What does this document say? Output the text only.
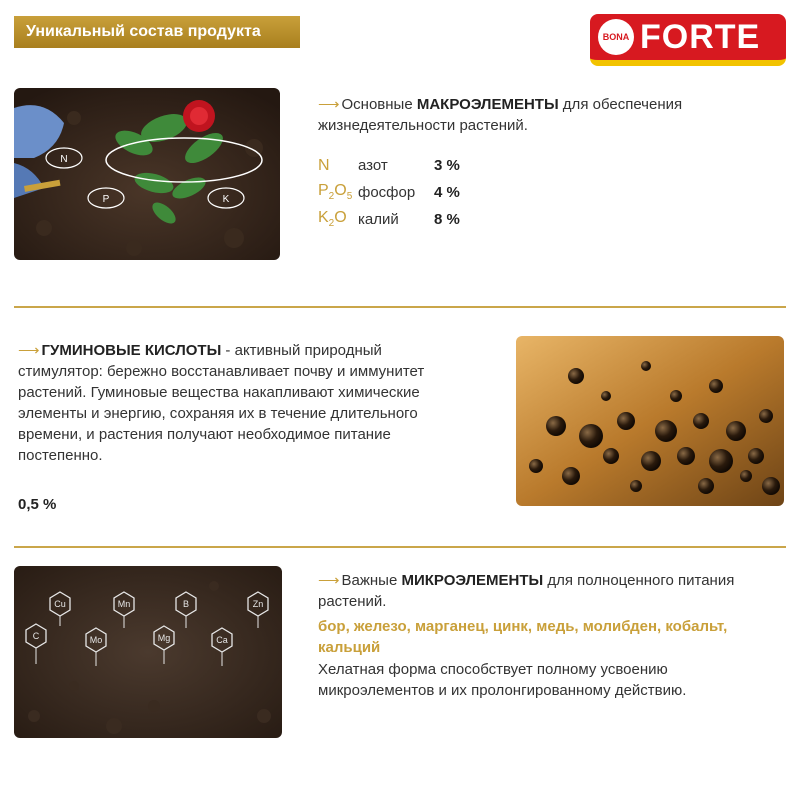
Уникальный состав продукта	BONA FORTE
N
P	K
⟶ Основные МАКРОЭЛЕМЕНТЫ для обеспечения
жизнедеятельности растений.
N	азот	3 %
$P_2O_5$	фосфор	4 %
$K_2O$	калий	8 %
⟶ ГУМИНОВЫЕ КИСЛОТЫ - активный природный
стимулятор: бережно восстанавливает почву и иммунитет
растений. Гуминовые вещества накапливают химические
элементы и энергию, сохраняя их в течение длительного
времени, и растения получают необходимое питание
постепенно.
0,5 %
Cu	Mn	B	Zn
C	Mo	Mg	Ca
⟶ Важные МИКРОЭЛЕМЕНТЫ для полноценного питания
растений.
бор, железо, марганец, цинк, медь, молибден, кобальт,
кальций
Хелатная форма способствует полному усвоению
микроэлементов и их пролонгированному действию.
